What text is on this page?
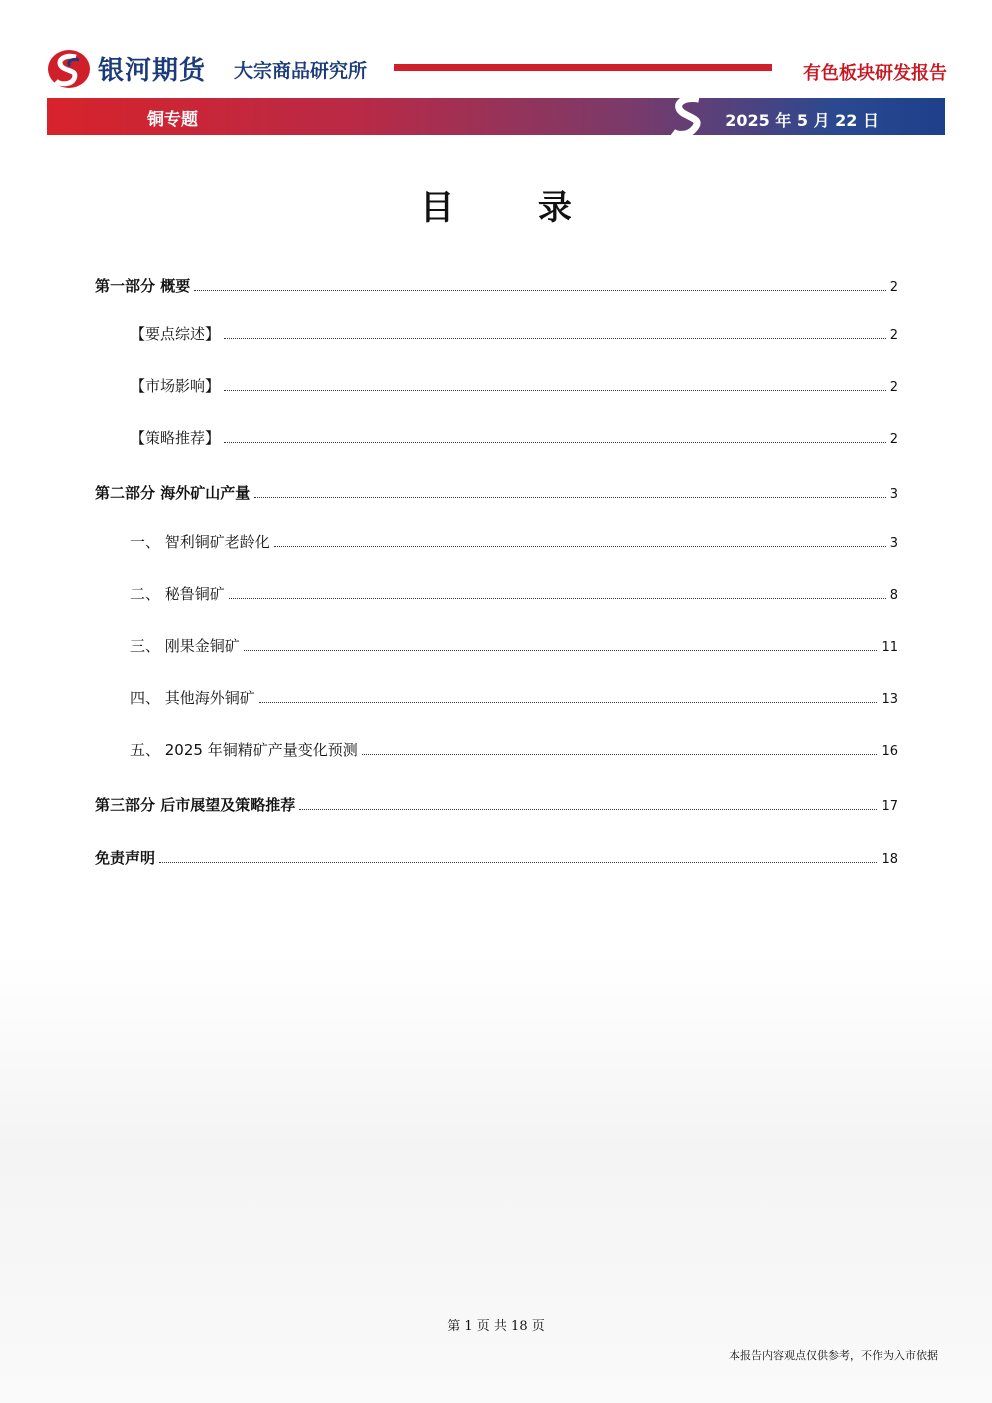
银河期货 大宗商品研究所	有色板块研发报告
铜专题	2025 年 5 月 22 日
目 录
第一部分 概要	2
【要点综述】	2
【市场影响】	2
【策略推荐】	2
第二部分 海外矿山产量	3
一、 智利铜矿老龄化	3
二、 秘鲁铜矿	8
三、 刚果金铜矿	11
四、 其他海外铜矿	13
五、 2025 年铜精矿产量变化预测	16
第三部分 后市展望及策略推荐	17
免责声明	18
第 1 页 共 18 页
本报告内容观点仅供参考，不作为入市依据
